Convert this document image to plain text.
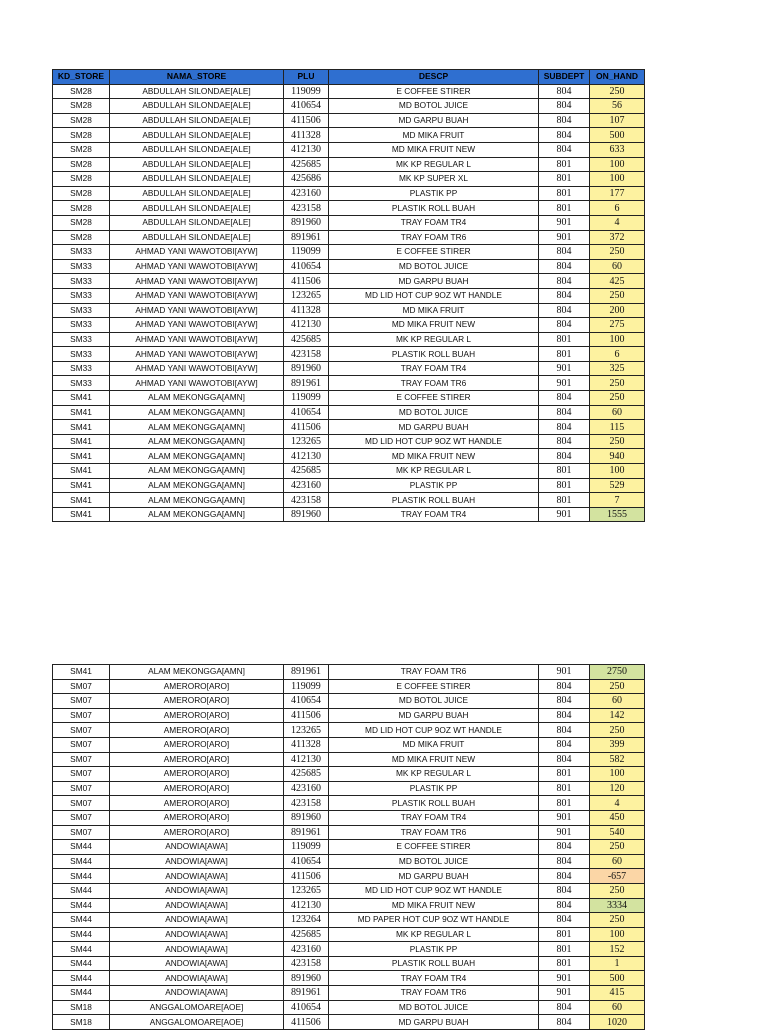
KD_STORE	NAMA_STORE	PLU	DESCP	SUBDEPT	ON_HAND
SM28	ABDULLAH SILONDAE[ALE]	119099	E COFFEE STIRER	804	250
SM28	ABDULLAH SILONDAE[ALE]	410654	MD BOTOL JUICE	804	56
SM28	ABDULLAH SILONDAE[ALE]	411506	MD GARPU BUAH	804	107
SM28	ABDULLAH SILONDAE[ALE]	411328	MD MIKA FRUIT	804	500
SM28	ABDULLAH SILONDAE[ALE]	412130	MD MIKA FRUIT NEW	804	633
SM28	ABDULLAH SILONDAE[ALE]	425685	MK KP REGULAR L	801	100
SM28	ABDULLAH SILONDAE[ALE]	425686	MK KP SUPER XL	801	100
SM28	ABDULLAH SILONDAE[ALE]	423160	PLASTIK PP	801	177
SM28	ABDULLAH SILONDAE[ALE]	423158	PLASTIK ROLL BUAH	801	6
SM28	ABDULLAH SILONDAE[ALE]	891960	TRAY FOAM TR4	901	4
SM28	ABDULLAH SILONDAE[ALE]	891961	TRAY FOAM TR6	901	372
SM33	AHMAD YANI WAWOTOBI[AYW]	119099	E COFFEE STIRER	804	250
SM33	AHMAD YANI WAWOTOBI[AYW]	410654	MD BOTOL JUICE	804	60
SM33	AHMAD YANI WAWOTOBI[AYW]	411506	MD GARPU BUAH	804	425
SM33	AHMAD YANI WAWOTOBI[AYW]	123265	MD LID HOT CUP 9OZ WT HANDLE	804	250
SM33	AHMAD YANI WAWOTOBI[AYW]	411328	MD MIKA FRUIT	804	200
SM33	AHMAD YANI WAWOTOBI[AYW]	412130	MD MIKA FRUIT NEW	804	275
SM33	AHMAD YANI WAWOTOBI[AYW]	425685	MK KP REGULAR L	801	100
SM33	AHMAD YANI WAWOTOBI[AYW]	423158	PLASTIK ROLL BUAH	801	6
SM33	AHMAD YANI WAWOTOBI[AYW]	891960	TRAY FOAM TR4	901	325
SM33	AHMAD YANI WAWOTOBI[AYW]	891961	TRAY FOAM TR6	901	250
SM41	ALAM MEKONGGA[AMN]	119099	E COFFEE STIRER	804	250
SM41	ALAM MEKONGGA[AMN]	410654	MD BOTOL JUICE	804	60
SM41	ALAM MEKONGGA[AMN]	411506	MD GARPU BUAH	804	115
SM41	ALAM MEKONGGA[AMN]	123265	MD LID HOT CUP 9OZ WT HANDLE	804	250
SM41	ALAM MEKONGGA[AMN]	412130	MD MIKA FRUIT NEW	804	940
SM41	ALAM MEKONGGA[AMN]	425685	MK KP REGULAR L	801	100
SM41	ALAM MEKONGGA[AMN]	423160	PLASTIK PP	801	529
SM41	ALAM MEKONGGA[AMN]	423158	PLASTIK ROLL BUAH	801	7
SM41	ALAM MEKONGGA[AMN]	891960	TRAY FOAM TR4	901	1555
SM41	ALAM MEKONGGA[AMN]	891961	TRAY FOAM TR6	901	2750
SM07	AMERORO[ARO]	119099	E COFFEE STIRER	804	250
SM07	AMERORO[ARO]	410654	MD BOTOL JUICE	804	60
SM07	AMERORO[ARO]	411506	MD GARPU BUAH	804	142
SM07	AMERORO[ARO]	123265	MD LID HOT CUP 9OZ WT HANDLE	804	250
SM07	AMERORO[ARO]	411328	MD MIKA FRUIT	804	399
SM07	AMERORO[ARO]	412130	MD MIKA FRUIT NEW	804	582
SM07	AMERORO[ARO]	425685	MK KP REGULAR L	801	100
SM07	AMERORO[ARO]	423160	PLASTIK PP	801	120
SM07	AMERORO[ARO]	423158	PLASTIK ROLL BUAH	801	4
SM07	AMERORO[ARO]	891960	TRAY FOAM TR4	901	450
SM07	AMERORO[ARO]	891961	TRAY FOAM TR6	901	540
SM44	ANDOWIA[AWA]	119099	E COFFEE STIRER	804	250
SM44	ANDOWIA[AWA]	410654	MD BOTOL JUICE	804	60
SM44	ANDOWIA[AWA]	411506	MD GARPU BUAH	804	-657
SM44	ANDOWIA[AWA]	123265	MD LID HOT CUP 9OZ WT HANDLE	804	250
SM44	ANDOWIA[AWA]	412130	MD MIKA FRUIT NEW	804	3334
SM44	ANDOWIA[AWA]	123264	MD PAPER HOT CUP 9OZ WT HANDLE	804	250
SM44	ANDOWIA[AWA]	425685	MK KP REGULAR L	801	100
SM44	ANDOWIA[AWA]	423160	PLASTIK PP	801	152
SM44	ANDOWIA[AWA]	423158	PLASTIK ROLL BUAH	801	1
SM44	ANDOWIA[AWA]	891960	TRAY FOAM TR4	901	500
SM44	ANDOWIA[AWA]	891961	TRAY FOAM TR6	901	415
SM18	ANGGALOMOARE[AOE]	410654	MD BOTOL JUICE	804	60
SM18	ANGGALOMOARE[AOE]	411506	MD GARPU BUAH	804	1020
